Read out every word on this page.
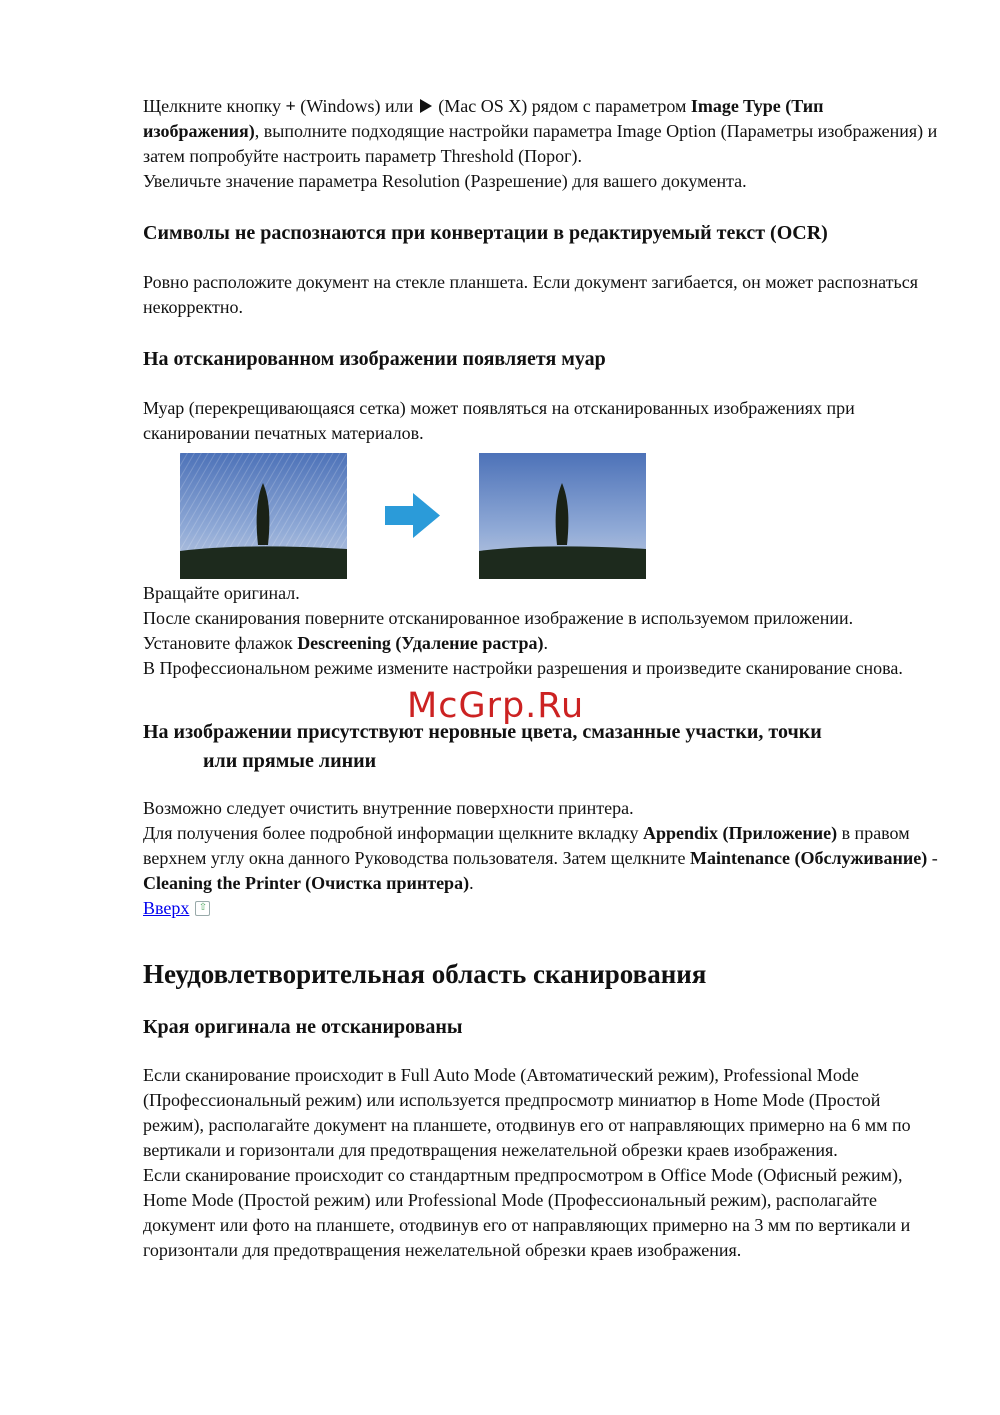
Щелкните кнопку + (Windows) или  (Mac OS X) рядом с параметром Image Type (Тип изображения), выполните подходящие настройки параметра Image Option (Параметры изображения) и затем попробуйте настроить параметр Threshold (Порог).

Увеличьте значение параметра Resolution (Разрешение) для вашего документа.

Символы не распознаются при конвертации в редактируемый текст (OCR)

Ровно расположите документ на стекле планшета. Если документ загибается, он может распознаться некорректно.

На отсканированном изображении появляетя муар

Муар (перекрещивающаяся сетка) может появляться на отсканированных изображениях при сканировании печатных материалов.

Вращайте оригинал.

После сканирования поверните отсканированное изображение в используемом приложении.

Установите флажок Descreening (Удаление растра).

В Профессиональном режиме измените настройки разрешения и произведите сканирование снова.

На изображении присутствуют неровные цвета, смазанные участки, точки
или прямые линии

Возможно следует очистить внутренние поверхности принтера.

Для получения более подробной информации щелкните вкладку Appendix (Приложение) в правом верхнем углу окна данного Руководства пользователя. Затем щелкните Maintenance (Обслуживание) - Cleaning the Printer (Очистка принтера).

Вверх ⇧

Неудовлетворительная область сканирования
Края оригинала не отсканированы

Если сканирование происходит в Full Auto Mode (Автоматический режим), Professional Mode (Профессиональный режим) или используется предпросмотр миниатюр в Home Mode (Простой режим), располагайте документ на планшете, отодвинув его от направляющих примерно на 6 мм по вертикали и горизонтали для предотвращения нежелательной обрезки краев изображения.

Если сканирование происходит со стандартным предпросмотром в Office Mode (Офисный режим), Home Mode (Простой режим) или Professional Mode (Профессиональный режим), располагайте документ или фото на планшете, отодвинув его от направляющих примерно на 3 мм по вертикали и горизонтали для предотвращения нежелательной обрезки краев изображения.

McGrp.Ru
